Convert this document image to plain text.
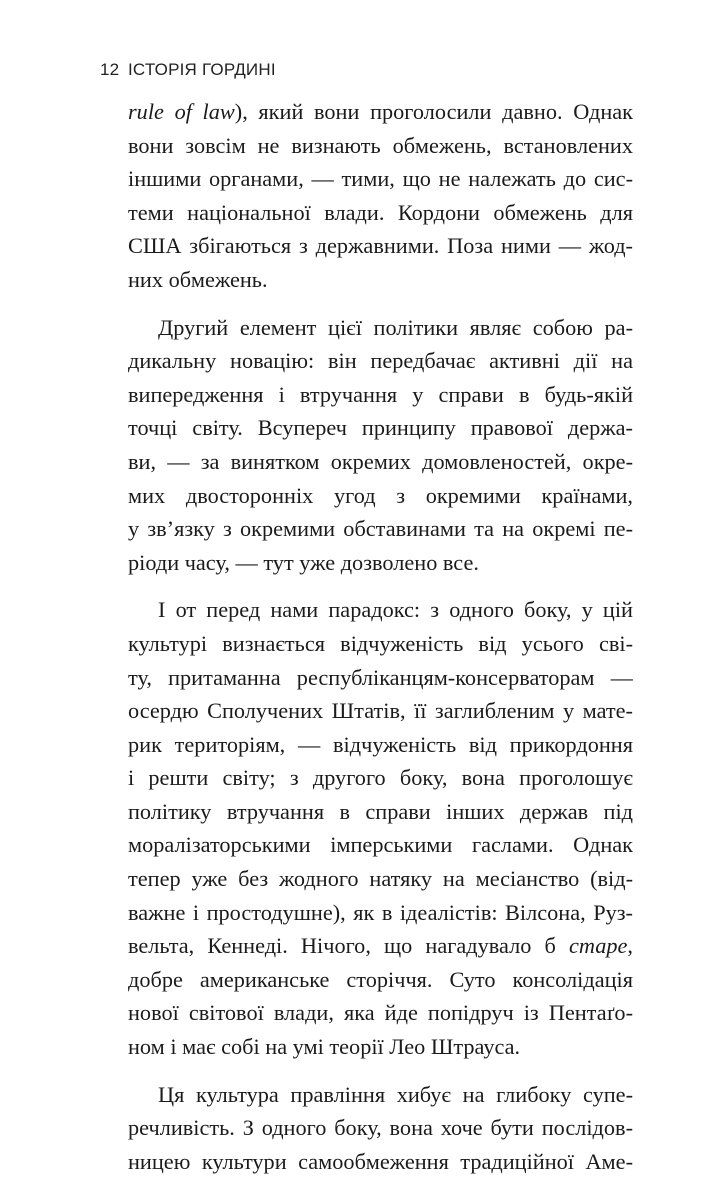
12 ІСТОРІЯ ГОРДИНІ
rule of law), який вони проголосили давно. Однак
вони зовсім не визнають обмежень, встановлених
іншими органами, — тими, що не належать до сис-
теми національної влади. Кордони обмежень для
США збігаються з державними. Поза ними — жод-
них обмежень.
Другий елемент цієї політики являє собою ра-
дикальну новацію: він передбачає активні дії на
випередження і втручання у справи в будь-якій
точці світу. Всупереч принципу правової держа-
ви, — за винятком окремих домовленостей, окре-
мих двосторонніх угод з окремими країнами,
у зв’язку з окремими обставинами та на окремі пе-
ріоди часу, — тут уже дозволено все.
І от перед нами парадокс: з одного боку, у цій
культурі визнається відчуженість від усього сві-
ту, притаманна республіканцям-консерваторам —
осердю Сполучених Штатів, її заглибленим у мате-
рик територіям, — відчуженість від прикордоння
і решти світу; з другого боку, вона проголошує
політику втручання в справи інших держав під
моралізаторськими імперськими гаслами. Однак
тепер уже без жодного натяку на месіанство (від-
важне і простодушне), як в ідеалістів: Вілсона, Руз-
вельта, Кеннеді. Нічого, що нагадувало б старе,
добре американське сторіччя. Суто консолідація
нової світової влади, яка йде попідруч із Пентаґо-
ном і має собі на умі теорії Лео Штрауса.
Ця культура правління хибує на глибоку супе-
речливість. З одного боку, вона хоче бути послідов-
ницею культури самообмеження традиційної Аме-
